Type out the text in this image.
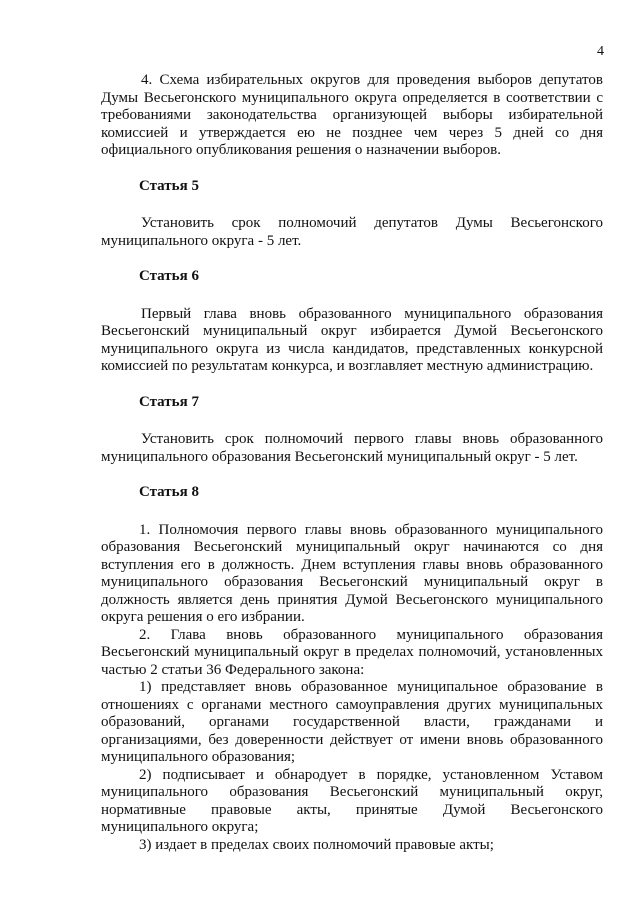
4

4. Схема избирательных округов для проведения выборов депутатов Думы Весьегонского муниципального округа определяется в соответствии с требованиями законодательства организующей выборы избирательной комиссией и утверждается ею не позднее чем через 5 дней со дня официального опубликования решения о назначении выборов.

Статья 5

Установить срок полномочий депутатов Думы Весьегонского муниципального округа - 5 лет.

Статья 6

Первый глава вновь образованного муниципального образования Весьегонский муниципальный округ избирается Думой Весьегонского муниципального округа из числа кандидатов, представленных конкурсной комиссией по результатам конкурса, и возглавляет местную администрацию.

Статья 7

Установить срок полномочий первого главы вновь образованного муниципального образования Весьегонский муниципальный округ - 5 лет.

Статья 8

1. Полномочия первого главы вновь образованного муниципального образования Весьегонский муниципальный округ начинаются со дня вступления его в должность. Днем вступления главы вновь образованного муниципального образования Весьегонский муниципальный округ в должность является день принятия Думой Весьегонского муниципального округа решения о его избрании.

2. Глава вновь образованного муниципального образования Весьегонский муниципальный округ в пределах полномочий, установленных частью 2 статьи 36 Федерального закона:

1) представляет вновь образованное муниципальное образование в отношениях с органами местного самоуправления других муниципальных образований, органами государственной власти, гражданами и организациями, без доверенности действует от имени вновь образованного муниципального образования;

2) подписывает и обнародует в порядке, установленном Уставом муниципального образования Весьегонский муниципальный округ, нормативные правовые акты, принятые Думой Весьегонского муниципального округа;

3) издает в пределах своих полномочий правовые акты;
